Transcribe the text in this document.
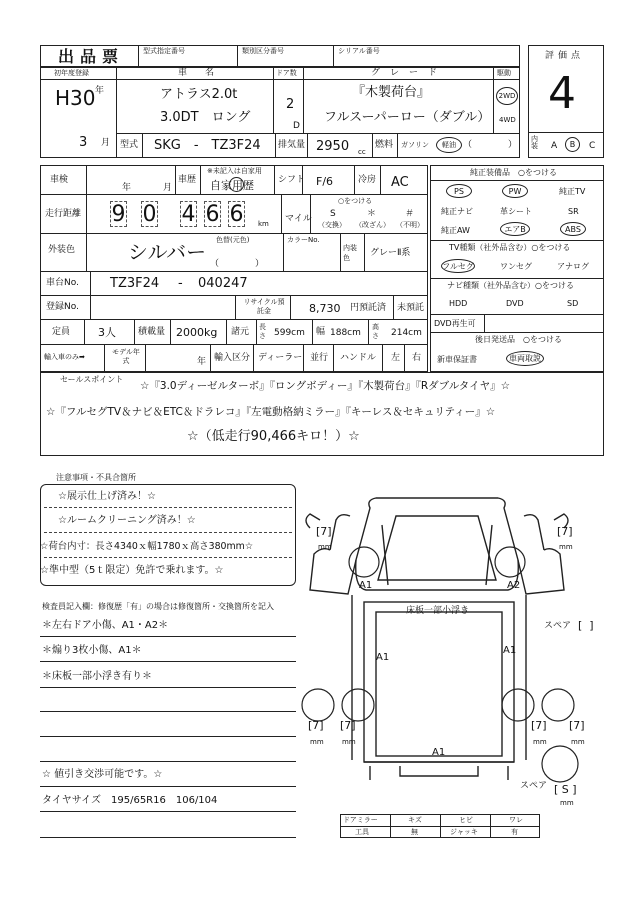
出品票	型式指定番号	類別区分番号	シリアル番号	評価点
4
内装 A B C
初年度登録
H30 年
3 月
車名
アトラス2.0t
3.0DT　ロング
ドア数
2
D
グレード
『木製荷台』
フルスーパーロー（ダブル）
駆動
2WD
4WD
型式 SKG　-　TZ3F24 排気量 2950 cc
燃料 ガソリン 軽油 （　　　　）
車検
年	月
車歴
※未記入は自家用
自家用歴	シフト F/6	冷房 AC
走行距離 9 0 4 6 6 km マイル
○をつける
S
（交換）
＊
（改ざん）
＃
（不明）
外装色	シルバー 色替(元色)
（　　　　）
カラーNo.
内装色	グレーⅡ系
車台No. TZ3F24 - 040247
登録No.	リサイクル預託金	8,730 円預託済 未預託
定員	3人 積載量 2000kg 諸元 長さ 599cm 幅 188cm
高さ 214cm
輸入車のみ➡
モデル年式	年 輸入区分 ディーラー 並行 ハンドル 左 右
純正装備品　○をつける
PS	PW	純正TV
純正ナビ	革シート	SR
純正AW	エアB	ABS
TV種類（社外品含む）○をつける
フルセグ	ワンセグ	アナログ
ナビ種類（社外品含む）○をつける
HDD	DVD	SD
DVD再生可
後日発送品　○をつける
新車保証書	車両取説
セールスポイント
☆『3.0ディーゼルターボ』『ロングボディー』『木製荷台』『Rダブルタイヤ』☆
☆『フルセグTV＆ナビ＆ETC＆ドラレコ』『左電動格納ミラー』『キーレス＆セキュリティー』☆
☆（低走行90,466キロ！）☆
注意事項・不具合箇所
☆展示仕上げ済み！☆
☆ルームクリーニング済み！☆
☆荷台内寸：長さ4340ｘ幅1780ｘ高さ380mm☆
☆準中型（5ｔ限定）免許で乗れます。☆
検査員記入欄：修復歴「有」の場合は修復箇所・交換箇所を記入
＊左右ドア小傷、A1・A2＊
＊煽り3枚小傷、A1＊
＊床板一部小浮き有り＊
☆ 値引き交渉可能です。☆
タイヤサイズ　195/65R16　106/104
床板一部小浮き
A1	A2
A1
A1
A1
[7]
mm
[7]
mm
[7]
mm
[7]
mm
[7]
mm
[7]
mm
スペア [  ]
スペア [ S ]
mm
ドアミラー	キズ	ヒビ	ワレ
工具	無	ジャッキ	有
